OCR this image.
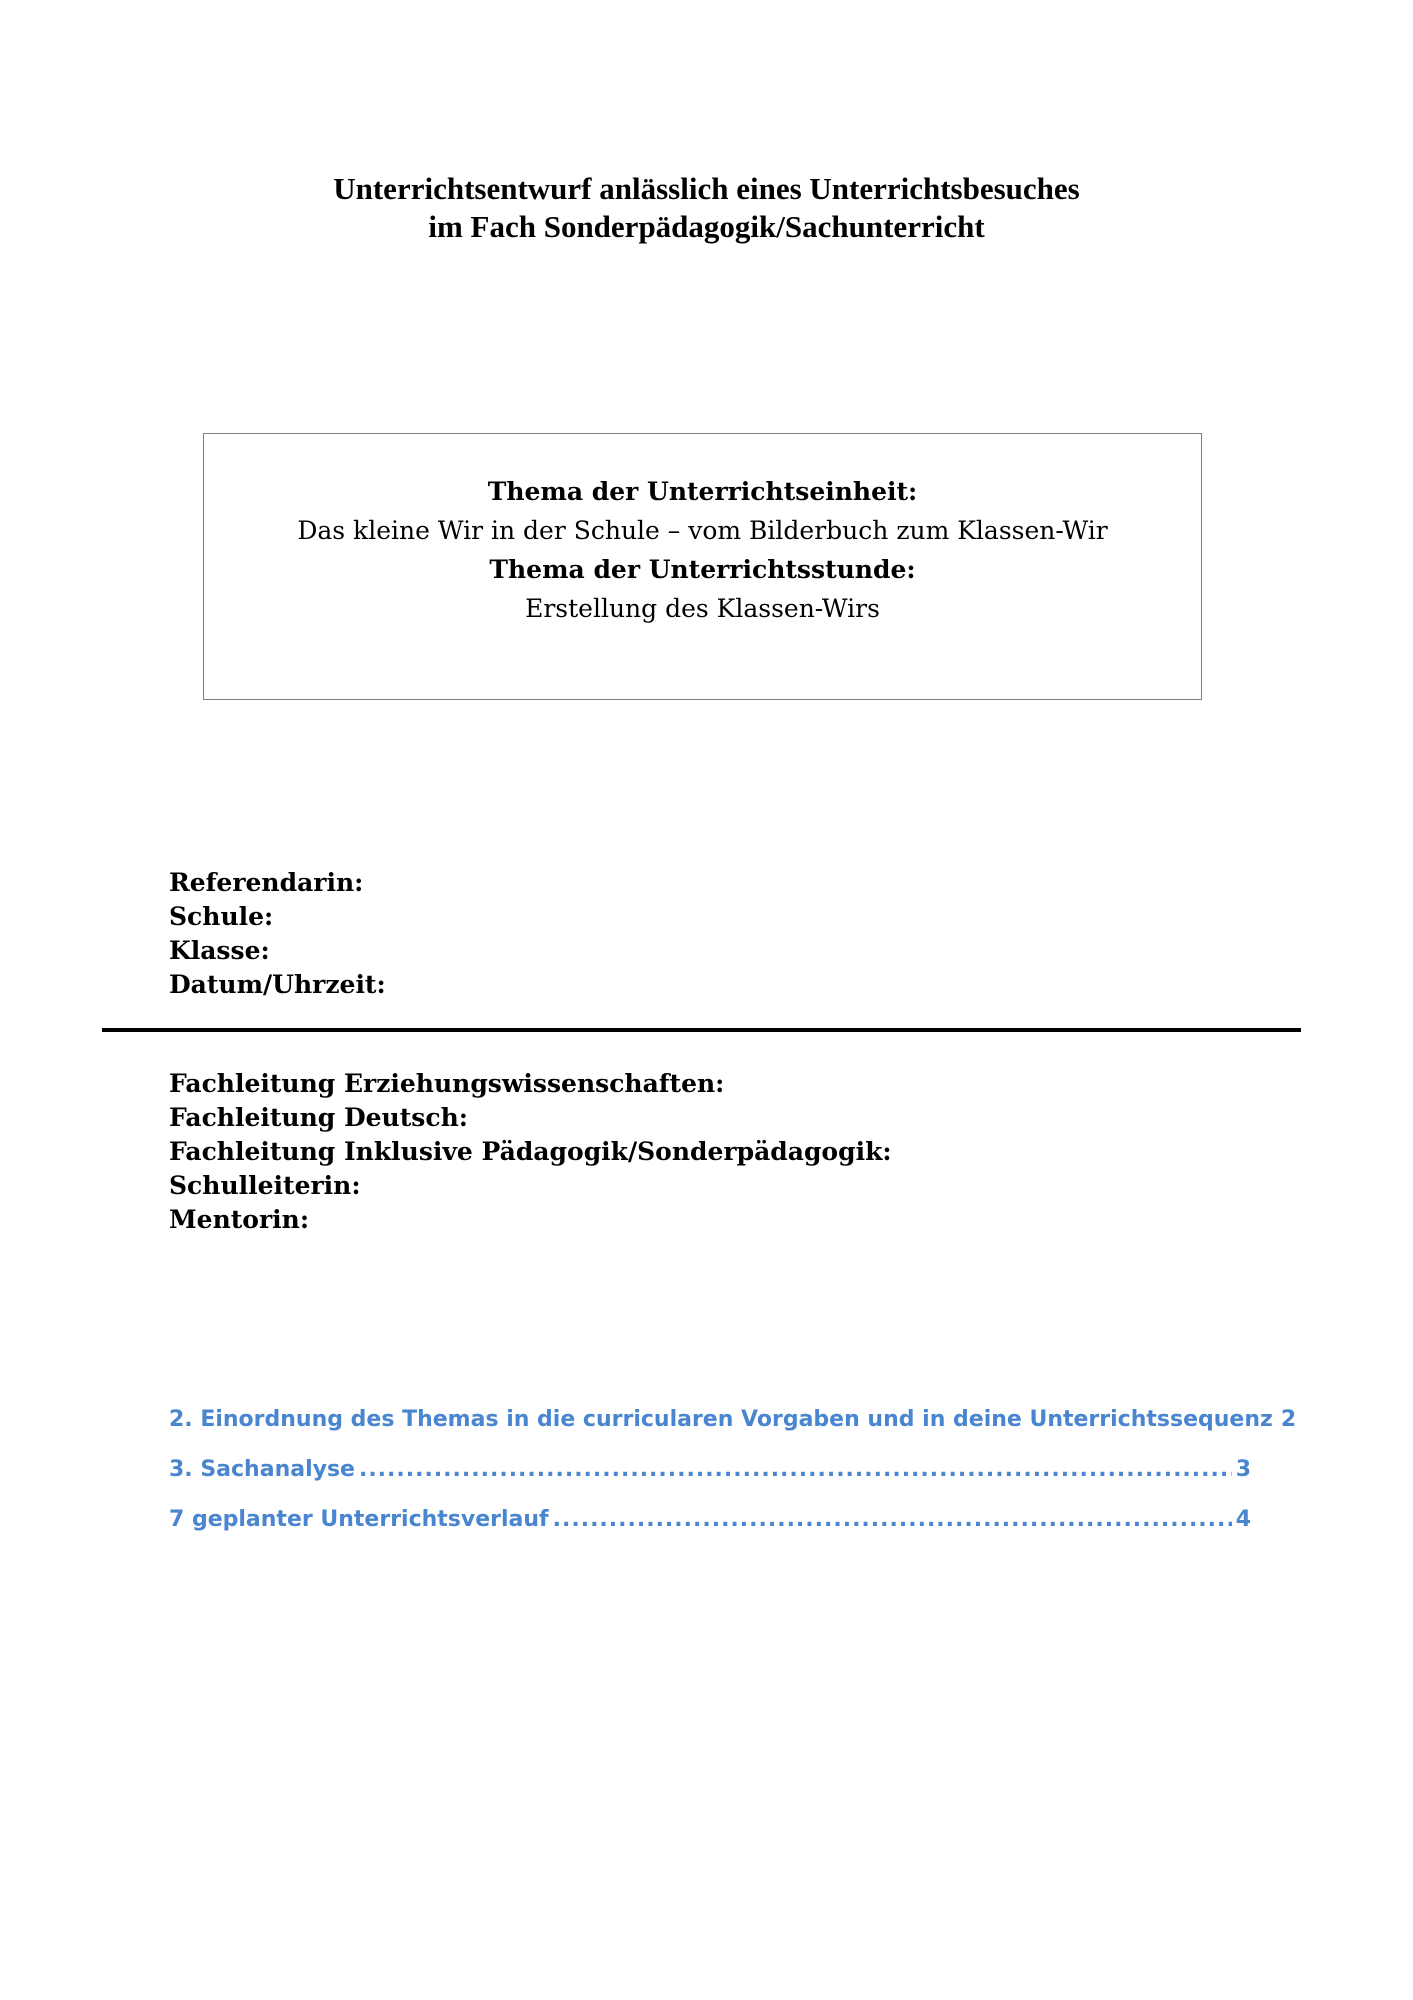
Unterrichtsentwurf anlässlich eines Unterrichtsbesuches
im Fach Sonderpädagogik/Sachunterricht
Thema der Unterrichtseinheit:
Das kleine Wir in der Schule – vom Bilderbuch zum Klassen-Wir
Thema der Unterrichtsstunde:
Erstellung des Klassen-Wirs
Referendarin:
Schule:
Klasse:
Datum/Uhrzeit:
Fachleitung Erziehungswissenschaften:
Fachleitung Deutsch:
Fachleitung Inklusive Pädagogik/Sonderpädagogik:
Schulleiterin:
Mentorin:
2. Einordnung des Themas in die curricularen Vorgaben und in deine Unterrichtssequenz 2
3. Sachanalyse .....	3
7 geplanter Unterrichtsverlauf .....	4
